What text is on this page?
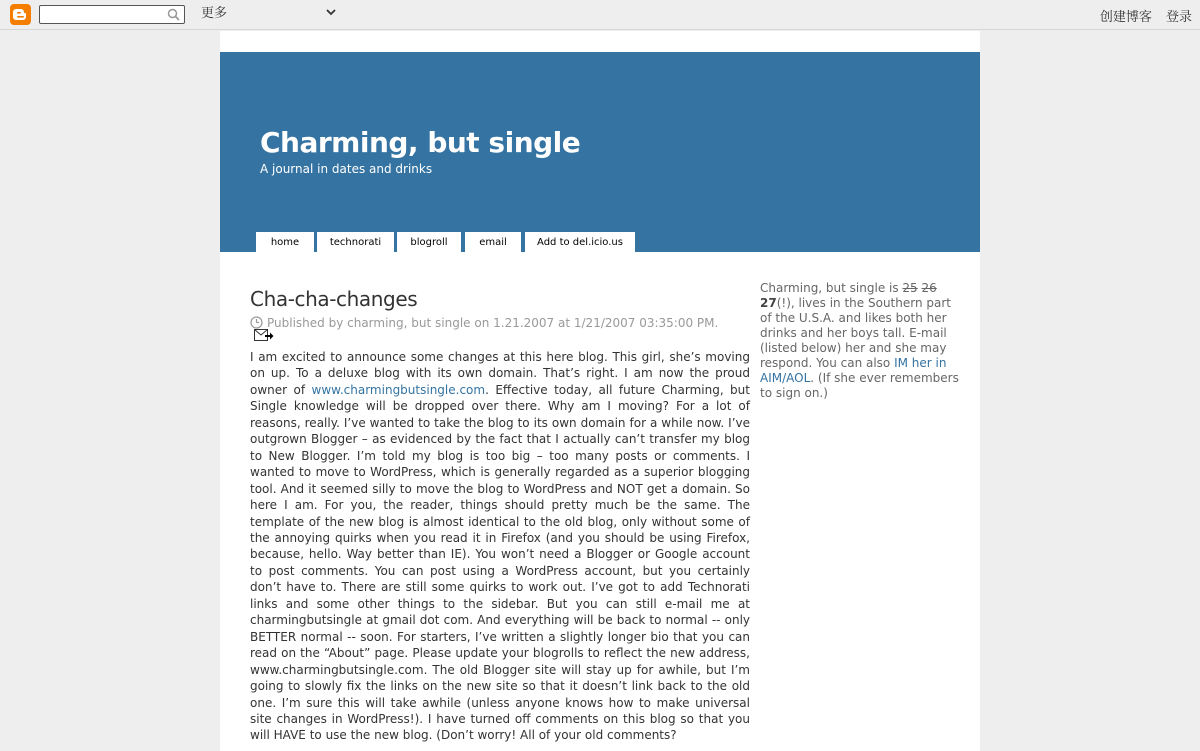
更多	创建博客 登录
Charming, but single
A journal in dates and drinks
home	technorati	blogroll	email	Add to del.icio.us
Cha-cha-changes
Published by charming, but single on 1.21.2007 at 1/21/2007 03:35:00 PM.

I am excited to announce some changes at this here blog. This girl, she’s moving on up. To a deluxe blog with its own domain. That’s right. I am now the proud owner of www.charmingbutsingle.com. Effective today, all future Charming, but Single knowledge will be dropped over there. Why am I moving? For a lot of reasons, really. I’ve wanted to take the blog to its own domain for a while now. I’ve outgrown Blogger – as evidenced by the fact that I actually can’t transfer my blog to New Blogger. I’m told my blog is too big – too many posts or comments. I wanted to move to WordPress, which is generally regarded as a superior blogging tool. And it seemed silly to move the blog to WordPress and NOT get a domain. So here I am. For you, the reader, things should pretty much be the same. The template of the new blog is almost identical to the old blog, only without some of the annoying quirks when you read it in Firefox (and you should be using Firefox, because, hello. Way better than IE). You won’t need a Blogger or Google account to post comments. You can post using a WordPress account, but you certainly don’t have to. There are still some quirks to work out. I’ve got to add Technorati links and some other things to the sidebar. But you can still e-mail me at charmingbutsingle at gmail dot com. And everything will be back to normal -- only BETTER normal -- soon. For starters, I’ve written a slightly longer bio that you can read on the “About” page. Please update your blogrolls to reflect the new address, www.charmingbutsingle.com. The old Blogger site will stay up for awhile, but I’m going to slowly fix the links on the new site so that it doesn’t link back to the old one. I’m sure this will take awhile (unless anyone knows how to make universal site changes in WordPress!). I have turned off comments on this blog so that you will HAVE to use the new blog. (Don’t worry! All of your old comments?

Charming, but single is 25 26 27(!), lives in the Southern part of the U.S.A. and likes both her drinks and her boys tall. E-mail (listed below) her and she may respond. You can also IM her in AIM/AOL. (If she ever remembers to sign on.)
